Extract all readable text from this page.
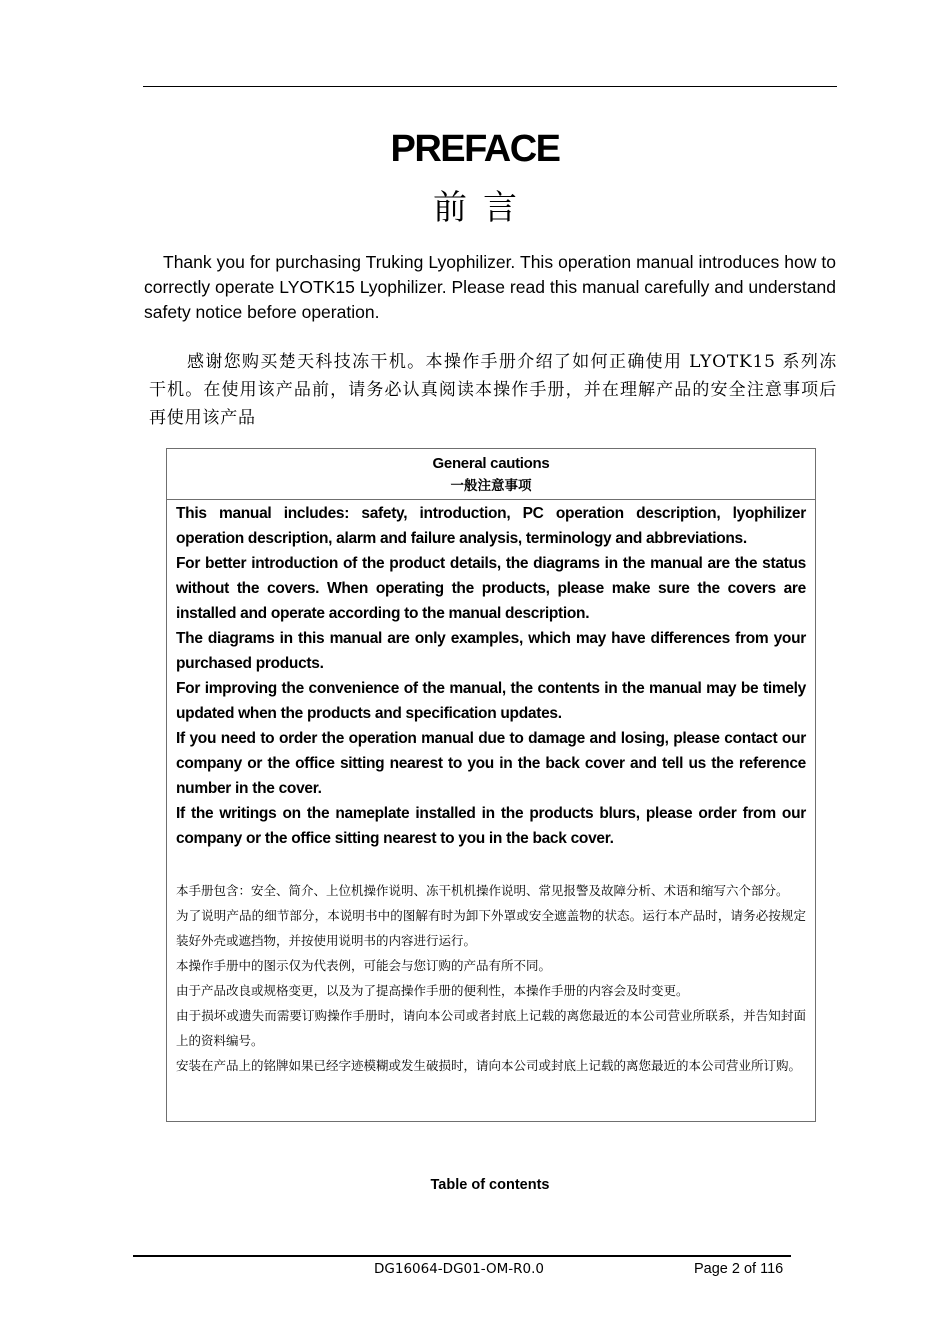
PREFACE
前言
Thank you for purchasing Truking Lyophilizer. This operation manual introduces how to correctly operate LYOTK15 Lyophilizer. Please read this manual carefully and understand safety notice before operation.
感谢您购买楚天科技冻干机。本操作手册介绍了如何正确使用 LYOTK15 系列冻干机。在使用该产品前，请务必认真阅读本操作手册，并在理解产品的安全注意事项后再使用该产品
General cautions
一般注意事项

This manual includes: safety, introduction, PC operation description, lyophilizer operation description, alarm and failure analysis, terminology and abbreviations.

For better introduction of the product details, the diagrams in the manual are the status without the covers. When operating the products, please make sure the covers are installed and operate according to the manual description.

The diagrams in this manual are only examples, which may have differences from your purchased products.

For improving the convenience of the manual, the contents in the manual may be timely updated when the products and specification updates.

If you need to order the operation manual due to damage and losing, please contact our company or the office sitting nearest to you in the back cover and tell us the reference number in the cover.

If the writings on the nameplate installed in the products blurs, please order from our company or the office sitting nearest to you in the back cover.

本手册包含：安全、简介、上位机操作说明、冻干机机操作说明、常见报警及故障分析、术语和缩写六个部分。

为了说明产品的细节部分，本说明书中的图解有时为卸下外罩或安全遮盖物的状态。运行本产品时，请务必按规定装好外壳或遮挡物，并按使用说明书的内容进行运行。

本操作手册中的图示仅为代表例，可能会与您订购的产品有所不同。

由于产品改良或规格变更，以及为了提高操作手册的便利性，本操作手册的内容会及时变更。

由于损坏或遗失而需要订购操作手册时，请向本公司或者封底上记载的离您最近的本公司营业所联系，并告知封面上的资料编号。

安装在产品上的铭牌如果已经字迹模糊或发生破损时，请向本公司或封底上记载的离您最近的本公司营业所订购。

Table of contents
DG16064-DG01-OM-R0.0	Page 2 of 116
